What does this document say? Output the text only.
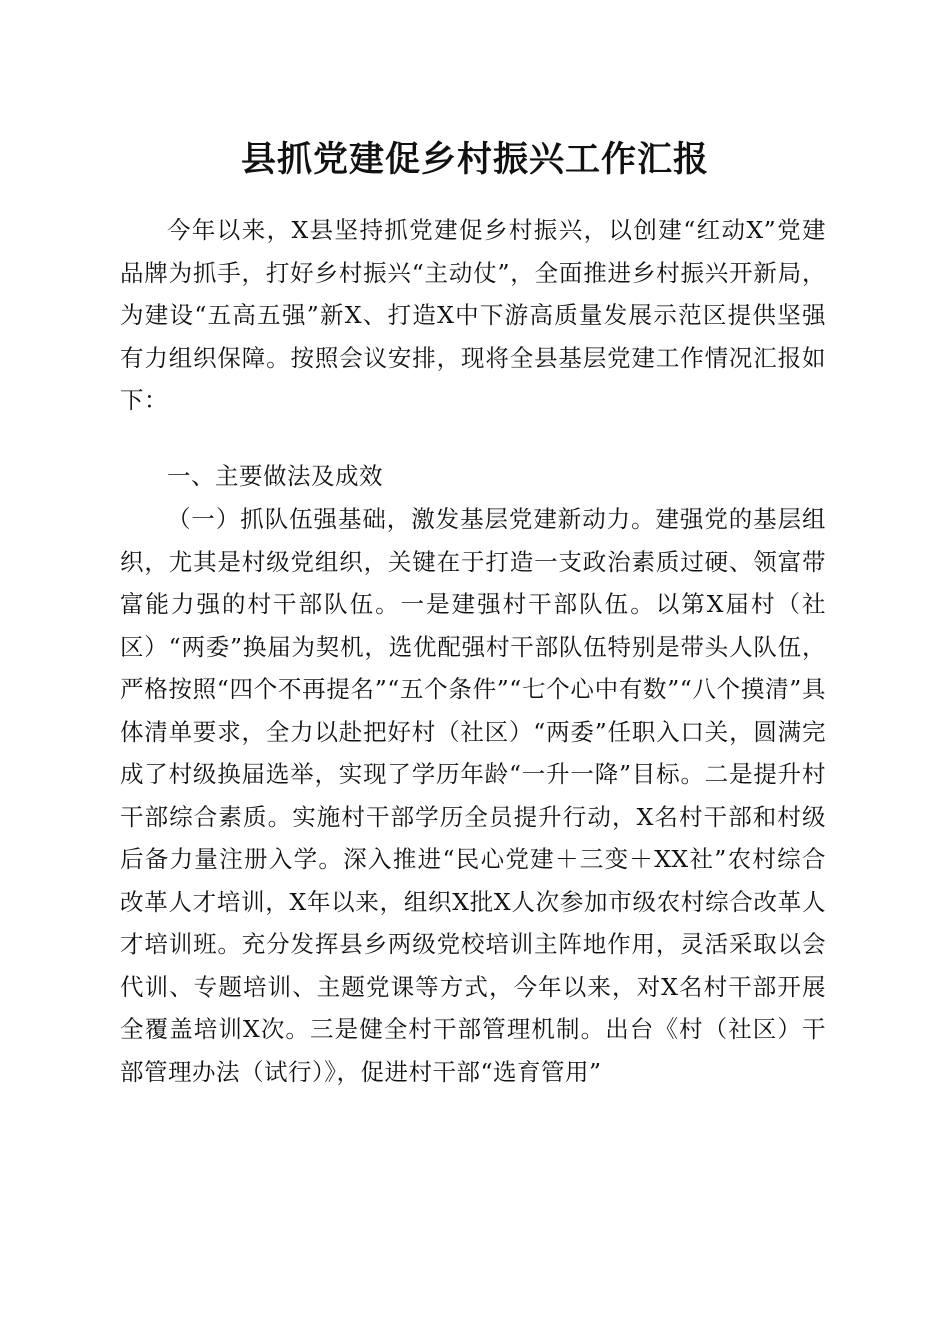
县抓党建促乡村振兴工作汇报

今年以来，X县坚持抓党建促乡村振兴，以创建“红动X”党建品牌为抓手，打好乡村振兴“主动仗”，全面推进乡村振兴开新局，为建设“五高五强”新X、打造X中下游高质量发展示范区提供坚强有力组织保障。按照会议安排，现将全县基层党建工作情况汇报如下：

一、主要做法及成效

（一）抓队伍强基础，激发基层党建新动力。建强党的基层组织，尤其是村级党组织，关键在于打造一支政治素质过硬、领富带富能力强的村干部队伍。一是建强村干部队伍。以第X届村（社区）“两委”换届为契机，选优配强村干部队伍特别是带头人队伍，严格按照“四个不再提名”“五个条件”“七个心中有数”“八个摸清”具体清单要求，全力以赴把好村（社区）“两委”任职入口关，圆满完成了村级换届选举，实现了学历年龄“一升一降”目标。二是提升村干部综合素质。实施村干部学历全员提升行动，X名村干部和村级后备力量注册入学。深入推进“民心党建＋三变＋XX社”农村综合改革人才培训，X年以来，组织X批X人次参加市级农村综合改革人才培训班。充分发挥县乡两级党校培训主阵地作用，灵活采取以会代训、专题培训、主题党课等方式，今年以来，对X名村干部开展全覆盖培训X次。三是健全村干部管理机制。出台《村（社区）干部管理办法（试行）》，促进村干部“选育管用”
